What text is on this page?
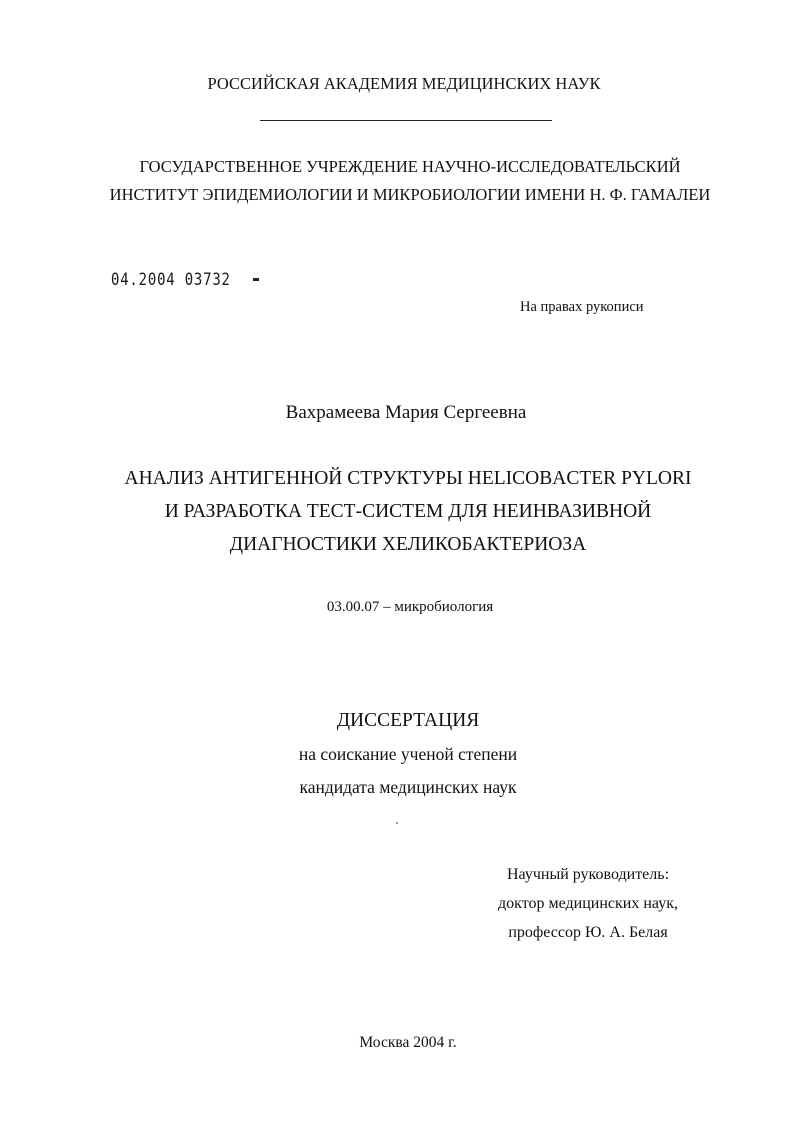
РОССИЙСКАЯ АКАДЕМИЯ МЕДИЦИНСКИХ НАУК
ГОСУДАРСТВЕННОЕ УЧРЕЖДЕНИЕ НАУЧНО-ИССЛЕДОВАТЕЛЬСКИЙ
ИНСТИТУТ ЭПИДЕМИОЛОГИИ И МИКРОБИОЛОГИИ ИМЕНИ Н. Ф. ГАМАЛЕИ
04.2004 03732
На правах рукописи
Вахрамеева Мария Сергеевна
АНАЛИЗ АНТИГЕННОЙ СТРУКТУРЫ HELICOBACTER PYLORI
И РАЗРАБОТКА ТЕСТ-СИСТЕМ ДЛЯ НЕИНВАЗИВНОЙ
ДИАГНОСТИКИ ХЕЛИКОБАКТЕРИОЗА
03.00.07 – микробиология
ДИССЕРТАЦИЯ
на соискание ученой степени
кандидата медицинских наук
Научный руководитель:
доктор медицинских наук,
профессор Ю. А. Белая
Москва 2004 г.
